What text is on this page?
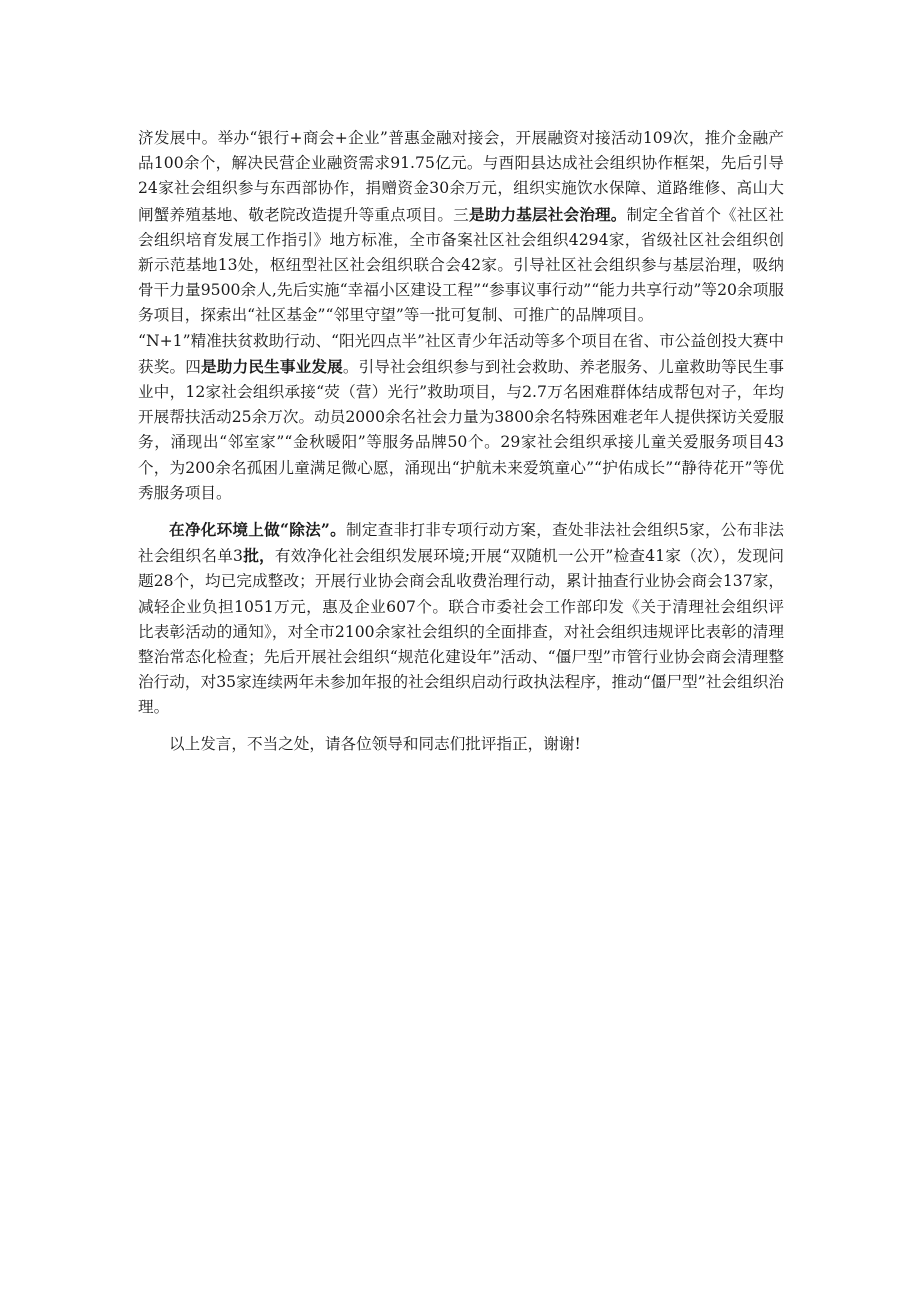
济发展中。举办“银行+商会+企业”普惠金融对接会，开展融资对接活动109次，推介金融产品100余个，解决民营企业融资需求91.75亿元。与酉阳县达成社会组织协作框架，先后引导24家社会组织参与东西部协作，捐赠资金30余万元，组织实施饮水保障、道路维修、高山大闸蟹养殖基地、敬老院改造提升等重点项目。三是助力基层社会治理。制定全省首个《社区社会组织培育发展工作指引》地方标准，全市备案社区社会组织4294家，省级社区社会组织创新示范基地13处，枢纽型社区社会组织联合会42家。引导社区社会组织参与基层治理，吸纳骨干力量9500余人,先后实施“幸福小区建设工程”“参事议事行动”“能力共享行动”等20余项服务项目，探索出“社区基金”“邻里守望”等一批可复制、可推广的品牌项目。

“N+1”精准扶贫救助行动、“阳光四点半”社区青少年活动等多个项目在省、市公益创投大赛中获奖。四是助力民生事业发展。引导社会组织参与到社会救助、养老服务、儿童救助等民生事业中，12家社会组织承接“荧（营）光行”救助项目，与2.7万名困难群体结成帮包对子，年均开展帮扶活动25余万次。动员2000余名社会力量为3800余名特殊困难老年人提供探访关爱服务，涌现出“邻室家”“金秋暖阳”等服务品牌50个。29家社会组织承接儿童关爱服务项目43个，为200余名孤困儿童满足微心愿，涌现出“护航未来爱筑童心”“护佑成长”“静待花开”等优秀服务项目。

在净化环境上做“除法”。制定查非打非专项行动方案，查处非法社会组织5家，公布非法社会组织名单3批，有效净化社会组织发展环境;开展“双随机一公开”检查41家（次），发现问题28个，均已完成整改；开展行业协会商会乱收费治理行动，累计抽查行业协会商会137家，减轻企业负担1051万元，惠及企业607个。联合市委社会工作部印发《关于清理社会组织评比表彰活动的通知》，对全市2100余家社会组织的全面排查，对社会组织违规评比表彰的清理整治常态化检查；先后开展社会组织“规范化建设年”活动、“僵尸型”市管行业协会商会清理整治行动，对35家连续两年未参加年报的社会组织启动行政执法程序，推动“僵尸型”社会组织治理。

以上发言，不当之处，请各位领导和同志们批评指正，谢谢!
